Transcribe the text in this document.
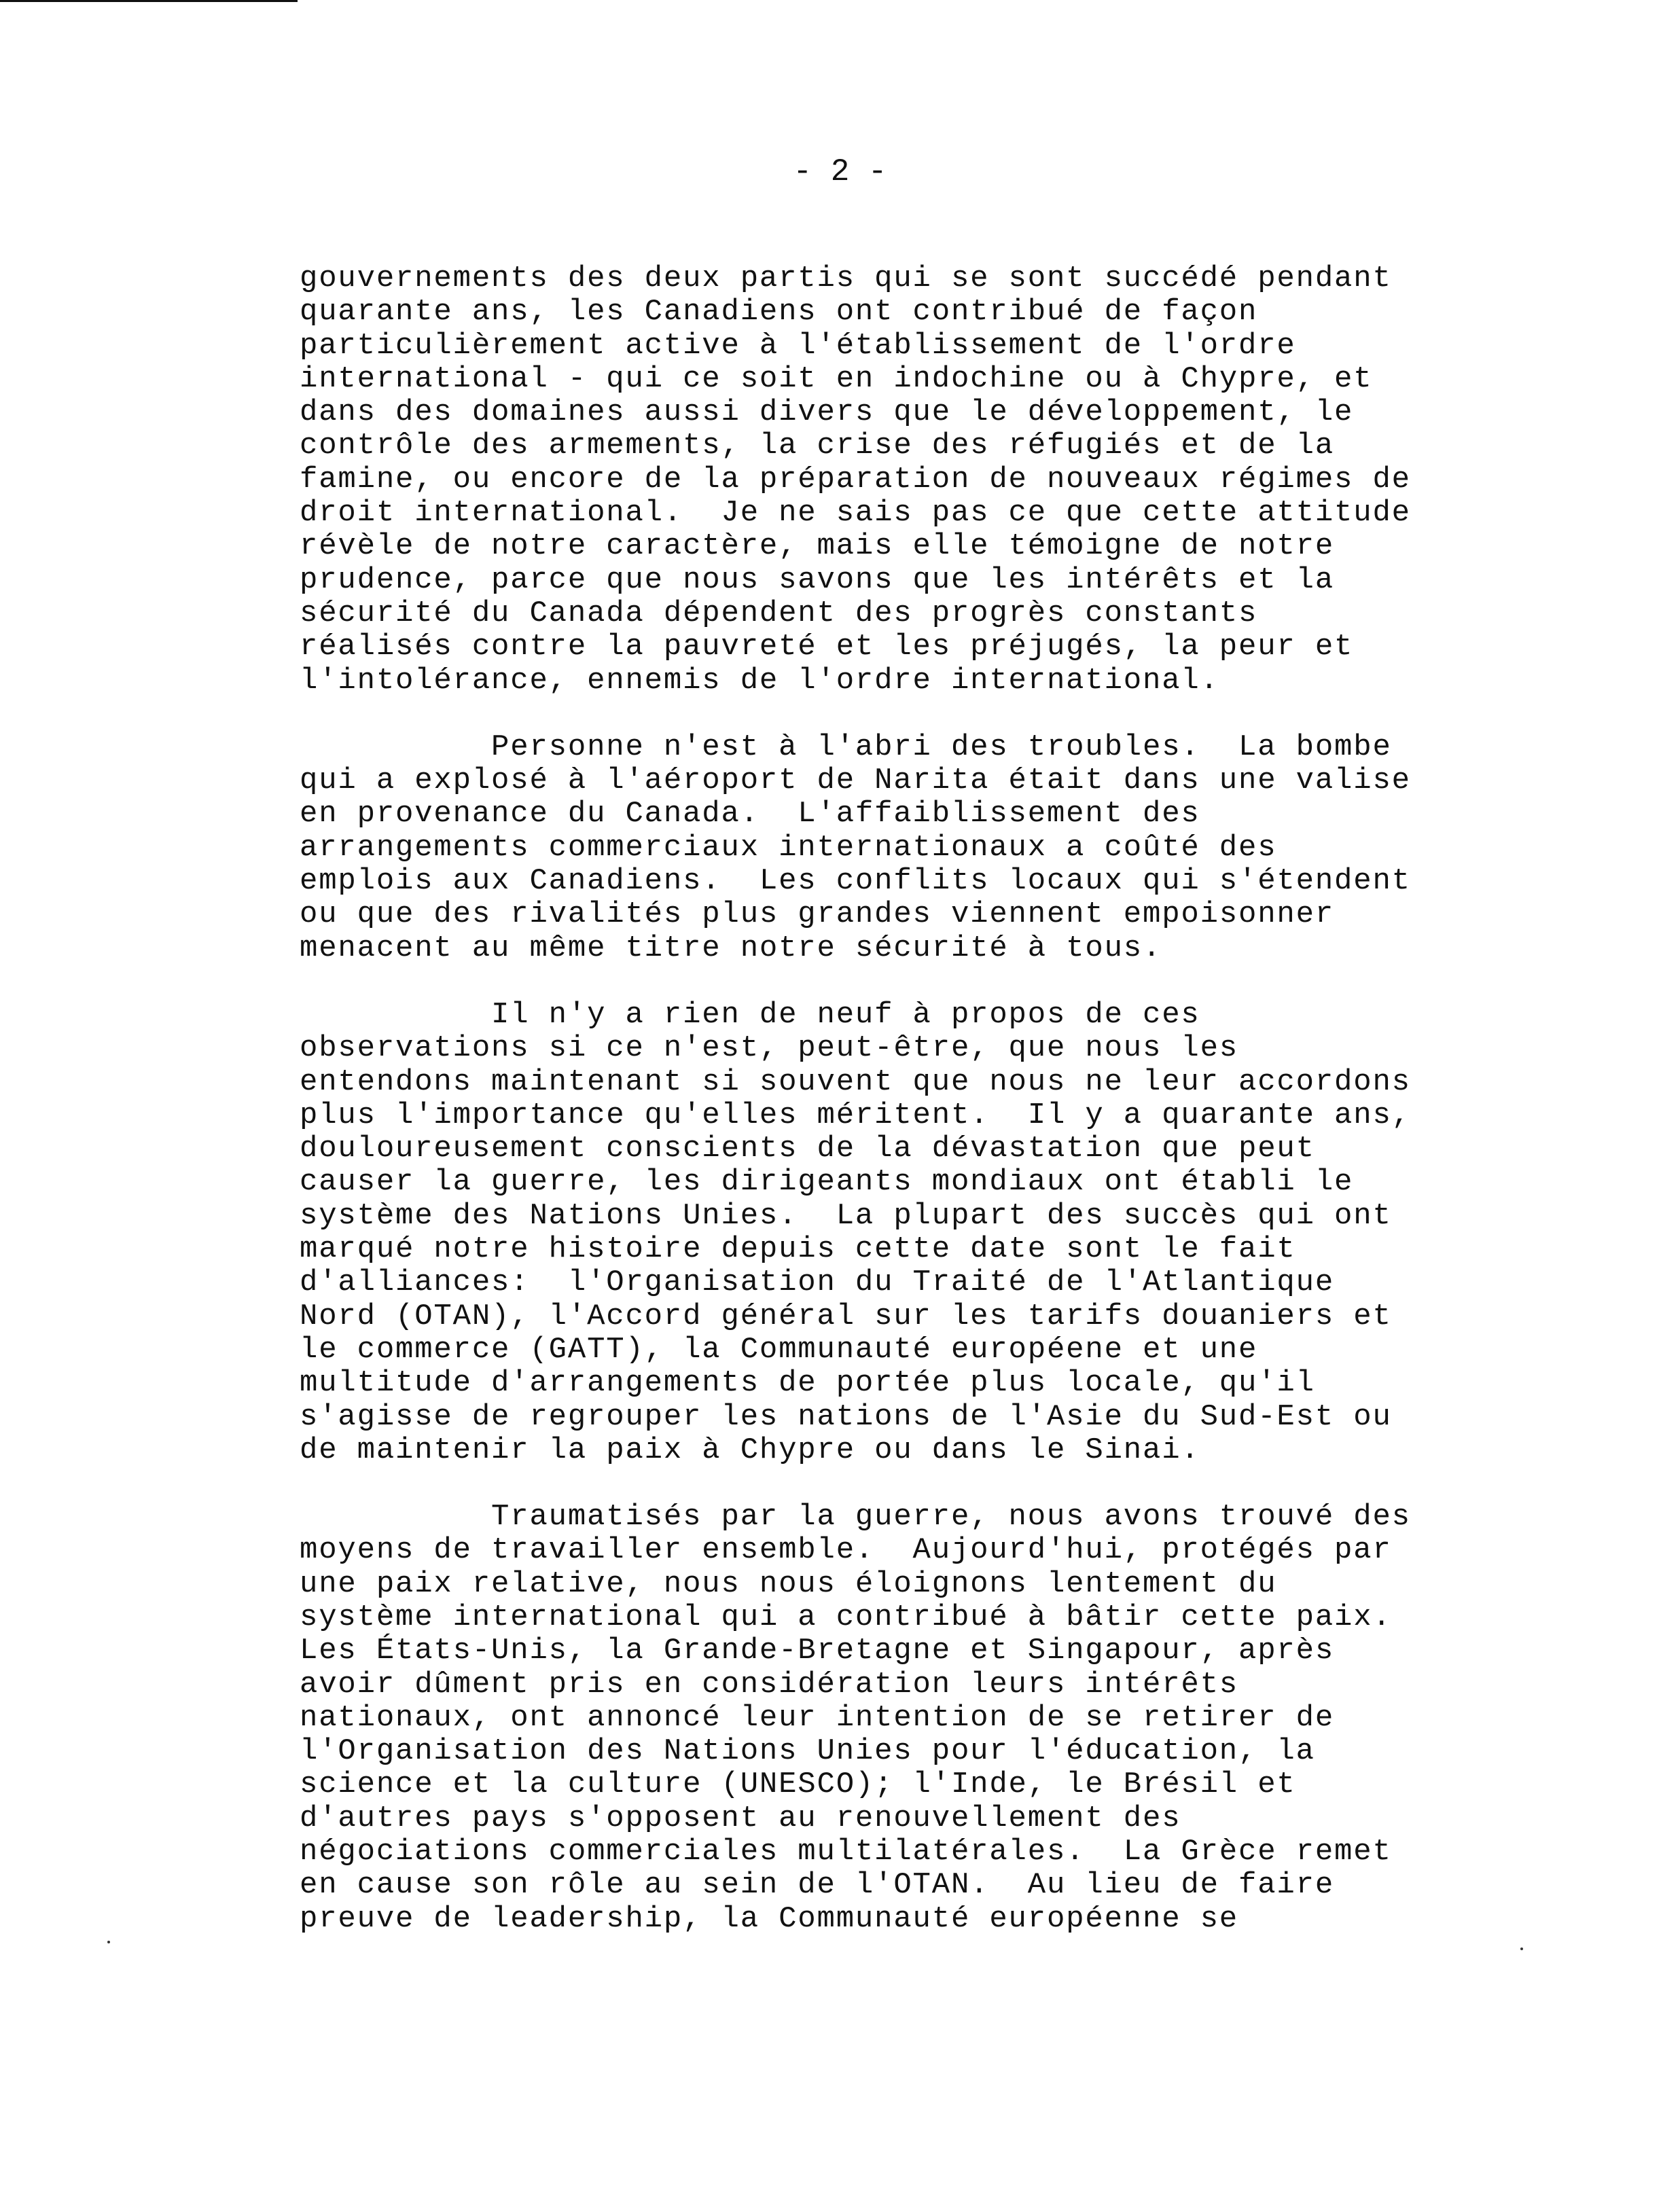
- 2 -
gouvernements des deux partis qui se sont succédé pendant
quarante ans, les Canadiens ont contribué de façon
particulièrement active à l'établissement de l'ordre
international - qui ce soit en indochine ou à Chypre, et
dans des domaines aussi divers que le développement, le
contrôle des armements, la crise des réfugiés et de la
famine, ou encore de la préparation de nouveaux régimes de
droit international.  Je ne sais pas ce que cette attitude
révèle de notre caractère, mais elle témoigne de notre
prudence, parce que nous savons que les intérêts et la
sécurité du Canada dépendent des progrès constants
réalisés contre la pauvreté et les préjugés, la peur et
l'intolérance, ennemis de l'ordre international.
Personne n'est à l'abri des troubles.  La bombe
qui a explosé à l'aéroport de Narita était dans une valise
en provenance du Canada.  L'affaiblissement des
arrangements commerciaux internationaux a coûté des
emplois aux Canadiens.  Les conflits locaux qui s'étendent
ou que des rivalités plus grandes viennent empoisonner
menacent au même titre notre sécurité à tous.
Il n'y a rien de neuf à propos de ces
observations si ce n'est, peut-être, que nous les
entendons maintenant si souvent que nous ne leur accordons
plus l'importance qu'elles méritent.  Il y a quarante ans,
douloureusement conscients de la dévastation que peut
causer la guerre, les dirigeants mondiaux ont établi le
système des Nations Unies.  La plupart des succès qui ont
marqué notre histoire depuis cette date sont le fait
d'alliances:  l'Organisation du Traité de l'Atlantique
Nord (OTAN), l'Accord général sur les tarifs douaniers et
le commerce (GATT), la Communauté européene et une
multitude d'arrangements de portée plus locale, qu'il
s'agisse de regrouper les nations de l'Asie du Sud-Est ou
de maintenir la paix à Chypre ou dans le Sinai.
Traumatisés par la guerre, nous avons trouvé des
moyens de travailler ensemble.  Aujourd'hui, protégés par
une paix relative, nous nous éloignons lentement du
système international qui a contribué à bâtir cette paix.
Les États-Unis, la Grande-Bretagne et Singapour, après
avoir dûment pris en considération leurs intérêts
nationaux, ont annoncé leur intention de se retirer de
l'Organisation des Nations Unies pour l'éducation, la
science et la culture (UNESCO); l'Inde, le Brésil et
d'autres pays s'opposent au renouvellement des
négociations commerciales multilatérales.  La Grèce remet
en cause son rôle au sein de l'OTAN.  Au lieu de faire
preuve de leadership, la Communauté européenne se
